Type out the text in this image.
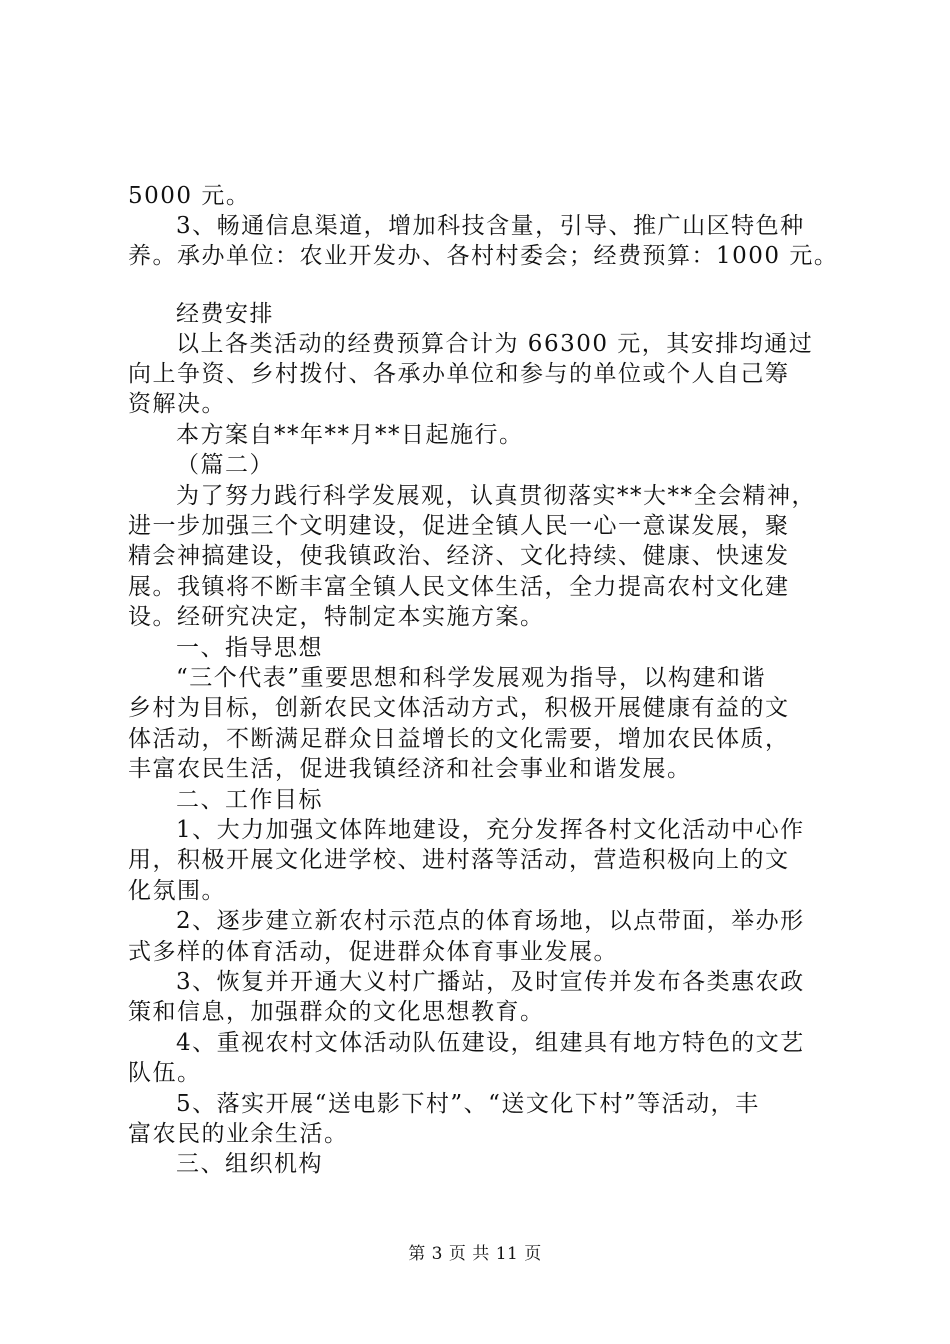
5000 元。
3、畅通信息渠道，增加科技含量，引导、推广山区特色种
养。承办单位：农业开发办、各村村委会；经费预算：1000 元。
经费安排
以上各类活动的经费预算合计为 66300 元，其安排均通过
向上争资、乡村拨付、各承办单位和参与的单位或个人自己筹
资解决。
本方案自**年**月**日起施行。
（篇二）
为了努力践行科学发展观，认真贯彻落实**大**全会精神，
进一步加强三个文明建设，促进全镇人民一心一意谋发展，聚
精会神搞建设，使我镇政治、经济、文化持续、健康、快速发
展。我镇将不断丰富全镇人民文体生活，全力提高农村文化建
设。经研究决定，特制定本实施方案。
一、指导思想
“三个代表”重要思想和科学发展观为指导，以构建和谐
乡村为目标，创新农民文体活动方式，积极开展健康有益的文
体活动，不断满足群众日益增长的文化需要，增加农民体质，
丰富农民生活，促进我镇经济和社会事业和谐发展。
二、工作目标
1、大力加强文体阵地建设，充分发挥各村文化活动中心作
用，积极开展文化进学校、进村落等活动，营造积极向上的文
化氛围。
2、逐步建立新农村示范点的体育场地，以点带面，举办形
式多样的体育活动，促进群众体育事业发展。
3、恢复并开通大义村广播站，及时宣传并发布各类惠农政
策和信息，加强群众的文化思想教育。
4、重视农村文体活动队伍建设，组建具有地方特色的文艺
队伍。
5、落实开展“送电影下村”、“送文化下村”等活动，丰
富农民的业余生活。
三、组织机构
第 3 页 共 11 页
